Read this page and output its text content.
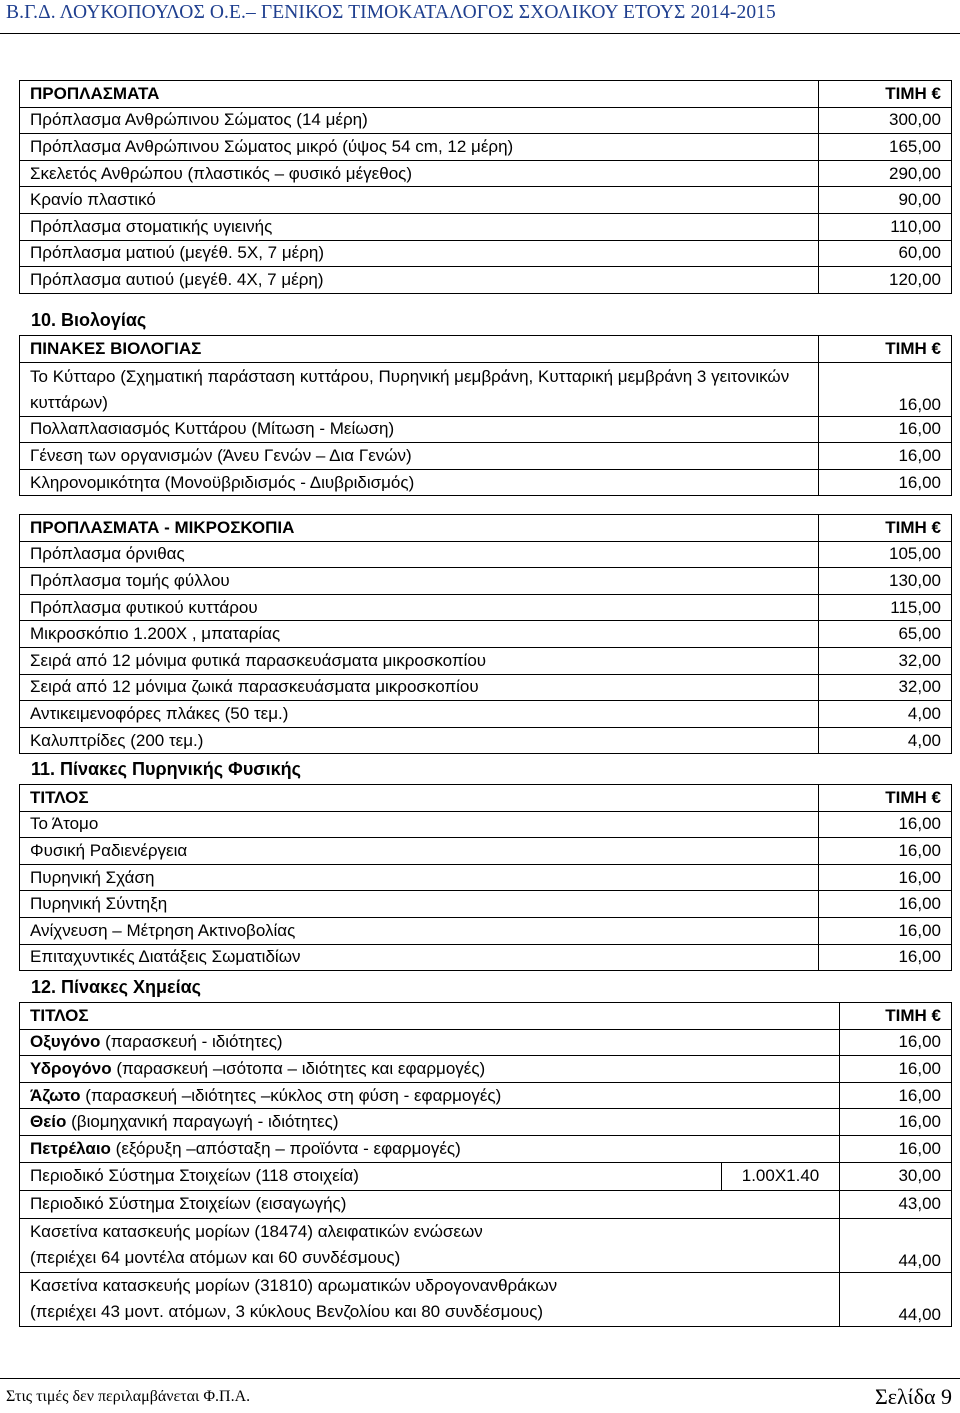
Β.Γ.Δ. ΛΟΥΚΟΠΟΥΛΟΣ Ο.Ε.– ΓΕΝΙΚΟΣ ΤΙΜΟΚΑΤΑΛΟΓΟΣ ΣΧΟΛΙΚΟΥ ΕΤΟΥΣ 2014-2015
ΠΡΟΠΛΑΣΜΑΤΑ	ΤΙΜΗ €
Πρόπλασμα Ανθρώπινου Σώματος (14 μέρη)	300,00
Πρόπλασμα Ανθρώπινου Σώματος μικρό (ύψος 54 cm, 12 μέρη)	165,00
Σκελετός Ανθρώπου (πλαστικός – φυσικό μέγεθος)	290,00
Κρανίο πλαστικό	90,00
Πρόπλασμα στοματικής υγιεινής	110,00
Πρόπλασμα ματιού (μεγέθ. 5Χ, 7 μέρη)	60,00
Πρόπλασμα αυτιού (μεγέθ. 4Χ, 7 μέρη)	120,00
10. Βιολογίας
ΠΙΝΑΚΕΣ ΒΙΟΛΟΓΙΑΣ	ΤΙΜΗ €
Το Κύτταρο (Σχηματική παράσταση κυττάρου, Πυρηνική μεμβράνη, Κυτταρική μεμβράνη 3 γειτονικών κυττάρων)	16,00
Πολλαπλασιασμός Κυττάρου (Μίτωση - Μείωση)	16,00
Γένεση των οργανισμών (Άνευ Γενών – Δια Γενών)	16,00
Κληρονομικότητα (Μονοϋβριδισμός - Διυβριδισμός)	16,00
ΠΡΟΠΛΑΣΜΑΤΑ - ΜΙΚΡΟΣΚΟΠΙΑ	ΤΙΜΗ €
Πρόπλασμα όρνιθας	105,00
Πρόπλασμα τομής φύλλου	130,00
Πρόπλασμα φυτικού κυττάρου	115,00
Μικροσκόπιο 1.200Χ , μπαταρίας	65,00
Σειρά από 12 μόνιμα φυτικά παρασκευάσματα μικροσκοπίου	32,00
Σειρά από 12 μόνιμα ζωικά παρασκευάσματα μικροσκοπίου	32,00
Αντικειμενοφόρες πλάκες (50 τεμ.)	4,00
Καλυπτρίδες (200 τεμ.)	4,00
11. Πίνακες Πυρηνικής Φυσικής
ΤΙΤΛΟΣ	ΤΙΜΗ €
Το Άτομο	16,00
Φυσική Ραδιενέργεια	16,00
Πυρηνική Σχάση	16,00
Πυρηνική Σύντηξη	16,00
Ανίχνευση – Μέτρηση Ακτινοβολίας	16,00
Επιταχυντικές Διατάξεις Σωματιδίων	16,00
12. Πίνακες Χημείας
ΤΙΤΛΟΣ		ΤΙΜΗ €
Οξυγόνο (παρασκευή - ιδιότητες)		16,00
Υδρογόνο (παρασκευή –ισότοπα – ιδιότητες και εφαρμογές)		16,00
Άζωτο (παρασκευή –ιδιότητες –κύκλος στη φύση - εφαρμογές)		16,00
Θείο (βιομηχανική παραγωγή - ιδιότητες)		16,00
Πετρέλαιο (εξόρυξη –απόσταξη – προϊόντα - εφαρμογές)		16,00
Περιοδικό Σύστημα Στοιχείων (118 στοιχεία)	1.00Χ1.40	30,00
Περιοδικό Σύστημα Στοιχείων (εισαγωγής)		43,00
Κασετίνα κατασκευής μορίων (18474) αλειφατικών ενώσεων
(περιέχει 64 μοντέλα ατόμων και 60 συνδέσμους)		44,00
Κασετίνα κατασκευής μορίων (31810) αρωματικών υδρογονανθράκων
(περιέχει 43 μοντ. ατόμων, 3 κύκλους Βενζολίου και 80 συνδέσμους)		44,00
Στις τιμές δεν περιλαμβάνεται Φ.Π.Α.	Σελίδα 9
